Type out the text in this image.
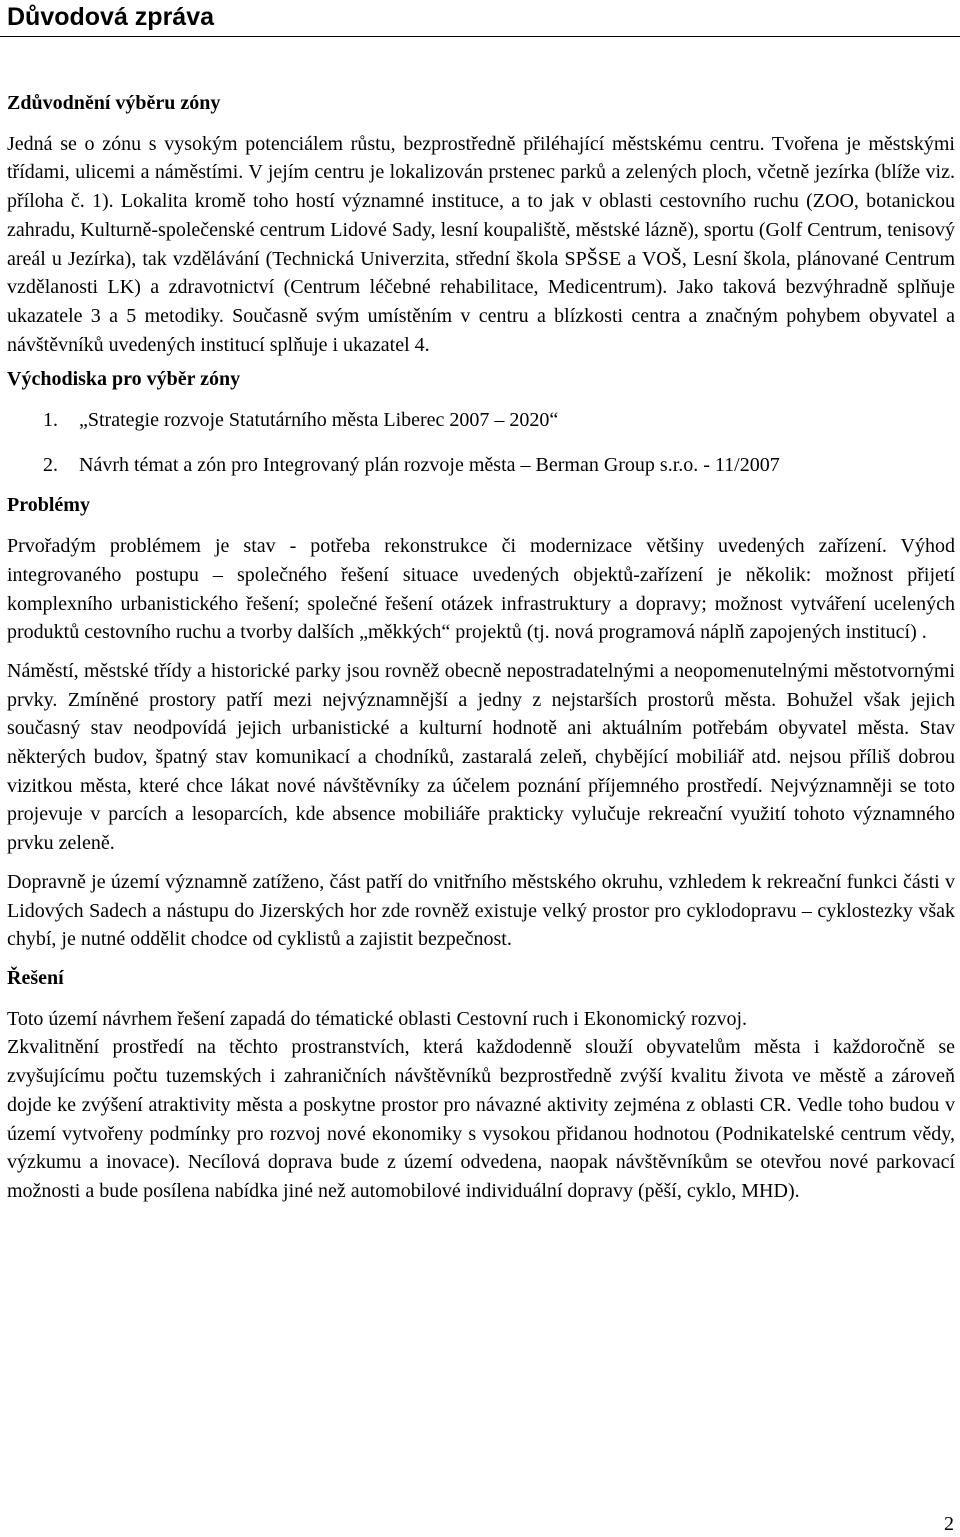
Důvodová zpráva
Zdůvodnění výběru zóny

Jedná se o zónu s vysokým potenciálem růstu, bezprostředně přiléhající městskému centru. Tvořena je městskými třídami, ulicemi a náměstími. V jejím centru je lokalizován prstenec parků a zelených ploch, včetně jezírka (blíže viz. příloha č. 1). Lokalita kromě toho hostí významné instituce, a to jak v oblasti cestovního ruchu (ZOO, botanickou zahradu, Kulturně-společenské centrum Lidové Sady, lesní koupaliště, městské lázně), sportu (Golf Centrum, tenisový areál u Jezírka), tak vzdělávání (Technická Univerzita, střední škola SPŠSE a VOŠ, Lesní škola, plánované Centrum vzdělanosti LK) a zdravotnictví (Centrum léčebné rehabilitace, Medicentrum). Jako taková bezvýhradně splňuje ukazatele 3 a 5 metodiky. Současně svým umístěním v centru a blízkosti centra a značným pohybem obyvatel a návštěvníků uvedených institucí splňuje i ukazatel 4.

Východiska pro výběr zóny
1. „Strategie rozvoje Statutárního města Liberec 2007 – 2020“
2. Návrh témat a zón pro Integrovaný plán rozvoje města – Berman Group s.r.o. - 11/2007
Problémy

Prvořadým problémem je stav - potřeba rekonstrukce či modernizace většiny uvedených zařízení. Výhod integrovaného postupu – společného řešení situace uvedených objektů-zařízení je několik: možnost přijetí komplexního urbanistického řešení; společné řešení otázek infrastruktury a dopravy; možnost vytváření ucelených produktů cestovního ruchu a tvorby dalších „měkkých“ projektů (tj. nová programová náplň zapojených institucí) .

Náměstí, městské třídy a historické parky jsou rovněž obecně nepostradatelnými a neopomenutelnými městotvornými prvky. Zmíněné prostory patří mezi nejvýznamnější a jedny z nejstarších prostorů města. Bohužel však jejich současný stav neodpovídá jejich urbanistické a kulturní hodnotě ani aktuálním potřebám obyvatel města. Stav některých budov, špatný stav komunikací a chodníků, zastaralá zeleň, chybějící mobiliář atd. nejsou příliš dobrou vizitkou města, které chce lákat nové návštěvníky za účelem poznání příjemného prostředí. Nejvýznamněji se toto projevuje v parcích a lesoparcích, kde absence mobiliáře prakticky vylučuje rekreační využití tohoto významného prvku zeleně.

Dopravně je území významně zatíženo, část patří do vnitřního městského okruhu, vzhledem k rekreační funkci části v Lidových Sadech a nástupu do Jizerských hor zde rovněž existuje velký prostor pro cyklodopravu – cyklostezky však chybí, je nutné oddělit chodce od cyklistů a zajistit bezpečnost.

Řešení

Toto území návrhem řešení zapadá do tématické oblasti Cestovní ruch i Ekonomický rozvoj.

Zkvalitnění prostředí na těchto prostranstvích, která každodenně slouží obyvatelům města i každoročně se zvyšujícímu počtu tuzemských i zahraničních návštěvníků bezprostředně zvýší kvalitu života ve městě a zároveň dojde ke zvýšení atraktivity města a poskytne prostor pro návazné aktivity zejména z oblasti CR. Vedle toho budou v území vytvořeny podmínky pro rozvoj nové ekonomiky s vysokou přidanou hodnotou (Podnikatelské centrum vědy, výzkumu a inovace). Necílová doprava bude z území odvedena, naopak návštěvníkům se otevřou nové parkovací možnosti a bude posílena nabídka jiné než automobilové individuální dopravy (pěší, cyklo, MHD).

2
